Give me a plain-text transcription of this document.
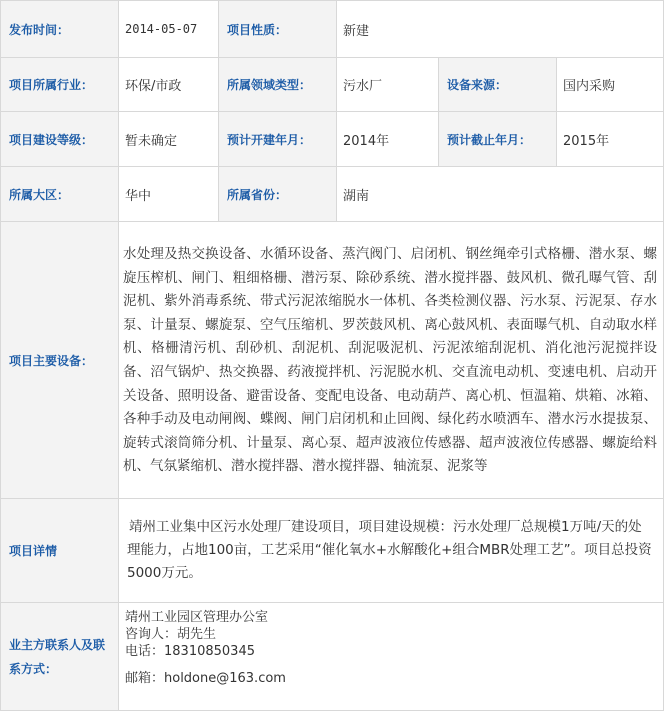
发布时间：	2014-05-07	项目性质：	新建		
项目所属行业：	环保/市政	所属领域类型：	污水厂	设备来源：	国内采购
项目建设等级：	暂未确定	预计开建年月：	2014年	预计截止年月：	2015年
所属大区：	华中	所属省份：	湖南		
项目主要设备：	水处理及热交换设备、水循环设备、蒸汽阀门、启闭机、钢丝绳牵引式格栅、潜水泵、螺旋压榨机、闸门、粗细格栅、潜污泵、除砂系统、潜水搅拌器、鼓风机、微孔曝气管、刮泥机、紫外消毒系统、带式污泥浓缩脱水一体机、各类检测仪器、污水泵、污泥泵、存水泵、计量泵、螺旋泵、空气压缩机、罗茨鼓风机、离心鼓风机、表面曝气机、自动取水样机、格栅清污机、刮砂机、刮泥机、刮泥吸泥机、污泥浓缩刮泥机、消化池污泥搅拌设备、沼气锅炉、热交换器、药液搅拌机、污泥脱水机、交直流电动机、变速电机、启动开关设备、照明设备、避雷设备、变配电设备、电动葫芦、离心机、恒温箱、烘箱、冰箱、各种手动及电动闸阀、蝶阀、闸门启闭机和止回阀、绿化药水喷洒车、潜水污水提拔泵、旋转式滚筒筛分机、计量泵、离心泵、超声波液位传感器、超声波液位传感器、螺旋给料机、气氛紧缩机、潜水搅拌器、潜水搅拌器、轴流泵、泥浆等				
项目详情	靖州工业集中区污水处理厂建设项目，项目建设规模：污水处理厂总规模1万吨/天的处理能力，占地100亩，工艺采用“催化氧水+水解酸化+组合MBR处理工艺”。项目总投资5000万元。				

业主方联系人及联系方式：	靖州工业园区管理办公室
咨询人：胡先生
电话：18310850345
邮箱：holdone@163.com				
